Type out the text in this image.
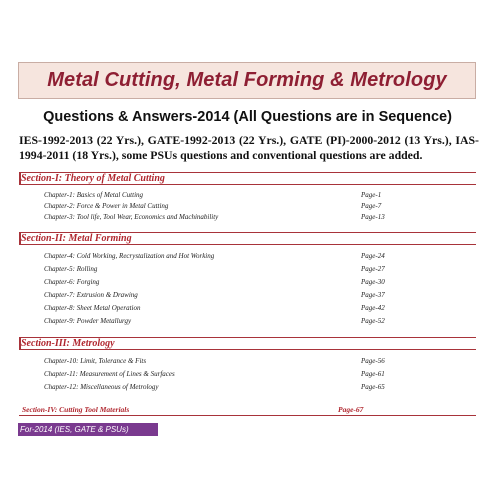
Metal Cutting, Metal Forming & Metrology
Questions & Answers-2014 (All Questions are in Sequence)
IES-1992-2013 (22 Yrs.), GATE-1992-2013 (22 Yrs.), GATE (PI)-2000-2012 (13 Yrs.), IAS-1994-2011 (18 Yrs.), some PSUs questions and conventional questions are added.
Section-I: Theory of Metal Cutting
Chapter-1: Basics of Metal Cutting	Page-1
Chapter-2: Force & Power in Metal Cutting	Page-7
Chapter-3: Tool life, Tool Wear, Economics and Machinability	Page-13
Section-II: Metal Forming
Chapter-4: Cold Working, Recrystalization and Hot Working	Page-24
Chapter-5: Rolling	Page-27
Chapter-6: Forging	Page-30
Chapter-7: Extrusion & Drawing	Page-37
Chapter-8: Sheet Metal Operation	Page-42
Chapter-9: Powder Metallurgy	Page-52
Section-III: Metrology
Chapter-10: Limit, Tolerance & Fits	Page-56
Chapter-11: Measurement of Lines & Surfaces	Page-61
Chapter-12: Miscellaneous of Metrology	Page-65
Section-IV: Cutting Tool Materials	Page-67
For-2014 (IES, GATE & PSUs)
